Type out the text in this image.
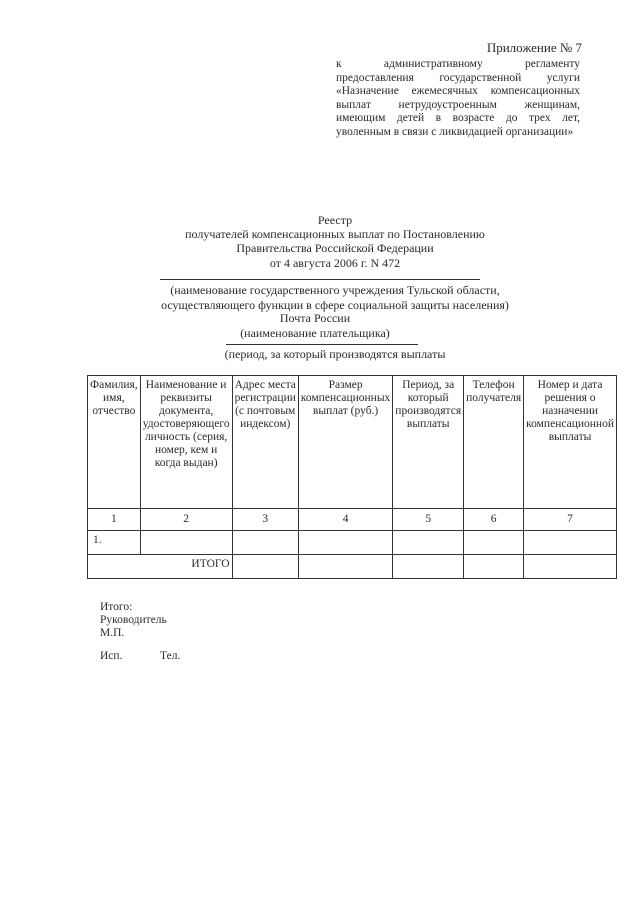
Приложение № 7
к административному регламенту предоставления государственной услуги «Назначение ежемесячных компенсационных выплат нетрудоустроенным женщинам, имеющим детей в возрасте до трех лет, уволенным в связи с ликвидацией организации»
Реестр
получателей компенсационных выплат по Постановлению
Правительства Российской Федерации
от 4 августа 2006 г. N 472
(наименование государственного учреждения Тульской области,
осуществляющего функции в сфере социальной защиты населения)
Почта России
(наименование плательщика)
(период, за который производятся выплаты
Фамилия, имя, отчество	Наименование и реквизиты документа, удостоверяющего личность (серия, номер, кем и когда выдан)	Адрес места регистрации (с почтовым индексом)	Размер компенсационных выплат (руб.)	Период, за который производятся выплаты	Телефон получателя	Номер и дата решения о назначении компенсационной выплаты
1	2	3	4	5	6	7
1.						
ИТОГО						
Итого:
Руководитель
М.П.
Исп.	Тел.
